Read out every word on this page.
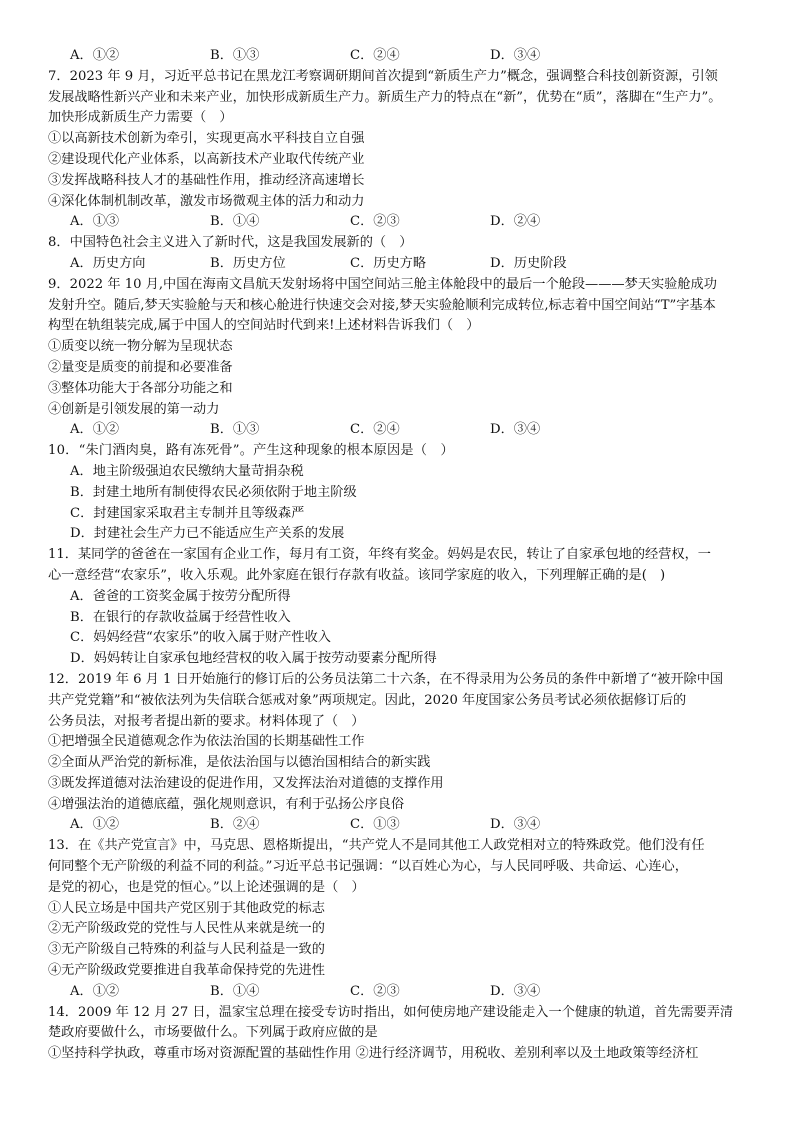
A．①②	B．①③	C．②④	D．③④
7．2023 年 9 月，习近平总书记在黑龙江考察调研期间首次提到“新质生产力”概念，强调整合科技创新资源，引领
发展战略性新兴产业和未来产业，加快形成新质生产力。新质生产力的特点在“新”，优势在“质”，落脚在“生产力”。
加快形成新质生产力需要（　）
①以高新技术创新为牵引，实现更高水平科技自立自强
②建设现代化产业体系，以高新技术产业取代传统产业
③发挥战略科技人才的基础性作用，推动经济高速增长
④深化体制机制改革，激发市场微观主体的活力和动力
A．①③	B．①④	C．②③	D．②④
8．中国特色社会主义进入了新时代，这是我国发展新的（　）
A．历史方向	B．历史方位	C．历史方略	D．历史阶段
9．2022 年 10 月,中国在海南文昌航天发射场将中国空间站三舱主体舱段中的最后一个舱段———梦天实验舱成功
发射升空。随后,梦天实验舱与天和核心舱进行快速交会对接,梦天实验舱顺利完成转位,标志着中国空间站“T”字基本
构型在轨组装完成,属于中国人的空间站时代到来!上述材料告诉我们（　）
①质变以统一物分解为呈现状态
②量变是质变的前提和必要准备
③整体功能大于各部分功能之和
④创新是引领发展的第一动力
A．①②	B．①③	C．②④	D．③④
10．“朱门酒肉臭，路有冻死骨”。产生这种现象的根本原因是（　）
A．地主阶级强迫农民缴纳大量苛捐杂税
B．封建土地所有制使得农民必须依附于地主阶级
C．封建国家采取君主专制并且等级森严
D．封建社会生产力已不能适应生产关系的发展
11．某同学的爸爸在一家国有企业工作，每月有工资，年终有奖金。妈妈是农民，转让了自家承包地的经营权，一
心一意经营“农家乐”，收入乐观。此外家庭在银行存款有收益。该同学家庭的收入，下列理解正确的是(　)
A．爸爸的工资奖金属于按劳分配所得
B．在银行的存款收益属于经营性收入
C．妈妈经营“农家乐”的收入属于财产性收入
D．妈妈转让自家承包地经营权的收入属于按劳动要素分配所得
12．2019 年 6 月 1 日开始施行的修订后的公务员法第二十六条，在不得录用为公务员的条件中新增了“被开除中国
共产党党籍”和“被依法列为失信联合惩戒对象”两项规定。因此，2020 年度国家公务员考试必须依据修订后的
公务员法，对报考者提出新的要求。材料体现了（　）
①把增强全民道德观念作为依法治国的长期基础性工作
②全面从严治党的新标准，是依法治国与以德治国相结合的新实践
③既发挥道德对法治建设的促进作用，又发挥法治对道德的支撑作用
④增强法治的道德底蕴，强化规则意识，有利于弘扬公序良俗
A．①②	B．②④	C．①③	D．③④
13．在《共产党宣言》中，马克思、恩格斯提出，“共产党人不是同其他工人政党相对立的特殊政党。他们没有任
何同整个无产阶级的利益不同的利益。”习近平总书记强调：“以百姓心为心，与人民同呼吸、共命运、心连心，
是党的初心，也是党的恒心。”以上论述强调的是（　）
①人民立场是中国共产党区别于其他政党的标志
②无产阶级政党的党性与人民性从来就是统一的
③无产阶级自己特殊的利益与人民利益是一致的
④无产阶级政党要推进自我革命保持党的先进性
A．①②	B．①④	C．②③	D．③④
14．2009 年 12 月 27 日，温家宝总理在接受专访时指出，如何使房地产建设能走入一个健康的轨道，首先需要弄清
楚政府要做什么，市场要做什么。下列属于政府应做的是
①坚持科学执政，尊重市场对资源配置的基础性作用 ②进行经济调节，用税收、差别利率以及土地政策等经济杠
